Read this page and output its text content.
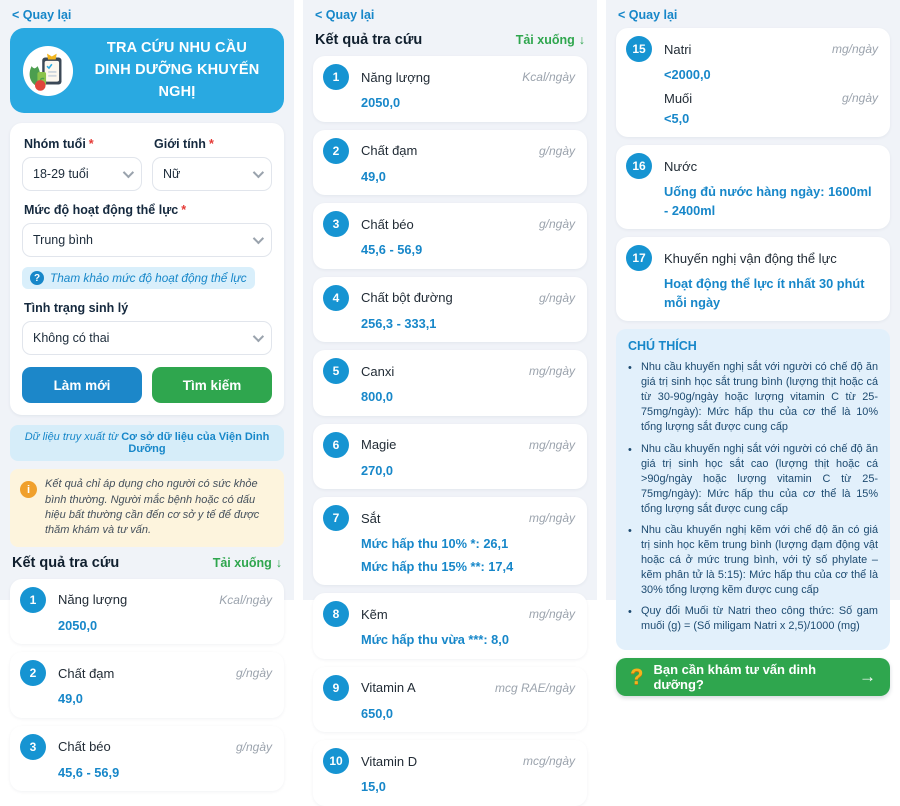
< Quay lại
TRA CỨU NHU CẦU
DINH DƯỠNG KHUYẾN NGHỊ
Nhóm tuổi *
18-29 tuổi
Giới tính *
Nữ
Mức độ hoạt động thể lực *
Trung bình
? Tham khảo mức độ hoạt động thể lực
Tình trạng sinh lý
Không có thai
Làm mới	Tìm kiếm
Dữ liệu truy xuất từ Cơ sở dữ liệu của Viện Dinh Dưỡng
i	Kết quả chỉ áp dụng cho người có sức khỏe bình thường. Người mắc bệnh hoặc có dấu hiệu bất thường cần đến cơ sở y tế để được thăm khám và tư vấn.
Kết quả tra cứu	Tải xuống ↓
1	Năng lượng	Kcal/ngày
2050,0
2	Chất đạm	g/ngày
49,0
3	Chất béo	g/ngày
45,6 - 56,9
< Quay lại
Kết quả tra cứu	Tải xuống ↓
1	Năng lượng	Kcal/ngày
2050,0
2	Chất đạm	g/ngày
49,0
3	Chất béo	g/ngày
45,6 - 56,9
4	Chất bột đường	g/ngày
256,3 - 333,1
5	Canxi	mg/ngày
800,0
6	Magie	mg/ngày
270,0
7	Sắt	mg/ngày
Mức hấp thu 10% *: 26,1
Mức hấp thu 15% **: 17,4
8	Kẽm	mg/ngày
Mức hấp thu vừa ***: 8,0
9	Vitamin A	mcg RAE/ngày
650,0
10	Vitamin D	mcg/ngày
15,0
< Quay lại
15	Natri	mg/ngày
<2000,0
Muối	g/ngày
<5,0
16	Nước
Uống đủ nước hàng ngày: 1600ml - 2400ml
17	Khuyến nghị vận động thể lực
Hoạt động thể lực ít nhất 30 phút mỗi ngày
CHÚ THÍCH
• Nhu cầu khuyến nghị sắt với người có chế độ ăn giá trị sinh học sắt trung bình (lượng thịt hoặc cá từ 30-90g/ngày hoặc lượng vitamin C từ 25-75mg/ngày): Mức hấp thu của cơ thể là 10% tổng lượng sắt được cung cấp
• Nhu cầu khuyến nghị sắt với người có chế độ ăn giá trị sinh học sắt cao (lượng thịt hoặc cá >90g/ngày hoặc lượng vitamin C từ 25-75mg/ngày): Mức hấp thu của cơ thể là 15% tổng lượng sắt được cung cấp
• Nhu cầu khuyến nghị kẽm với chế độ ăn có giá trị sinh học kẽm trung bình (lượng đạm động vật hoặc cá ở mức trung bình, với tỷ số phylate – kẽm phân tử là 5:15): Mức hấp thu của cơ thể là 30% tổng lượng kẽm được cung cấp
• Quy đổi Muối từ Natri theo công thức: Số gam muối (g) = (Số miligam Natri x 2,5)/1000 (mg)
? Bạn cần khám tư vấn dinh dưỡng?	→
